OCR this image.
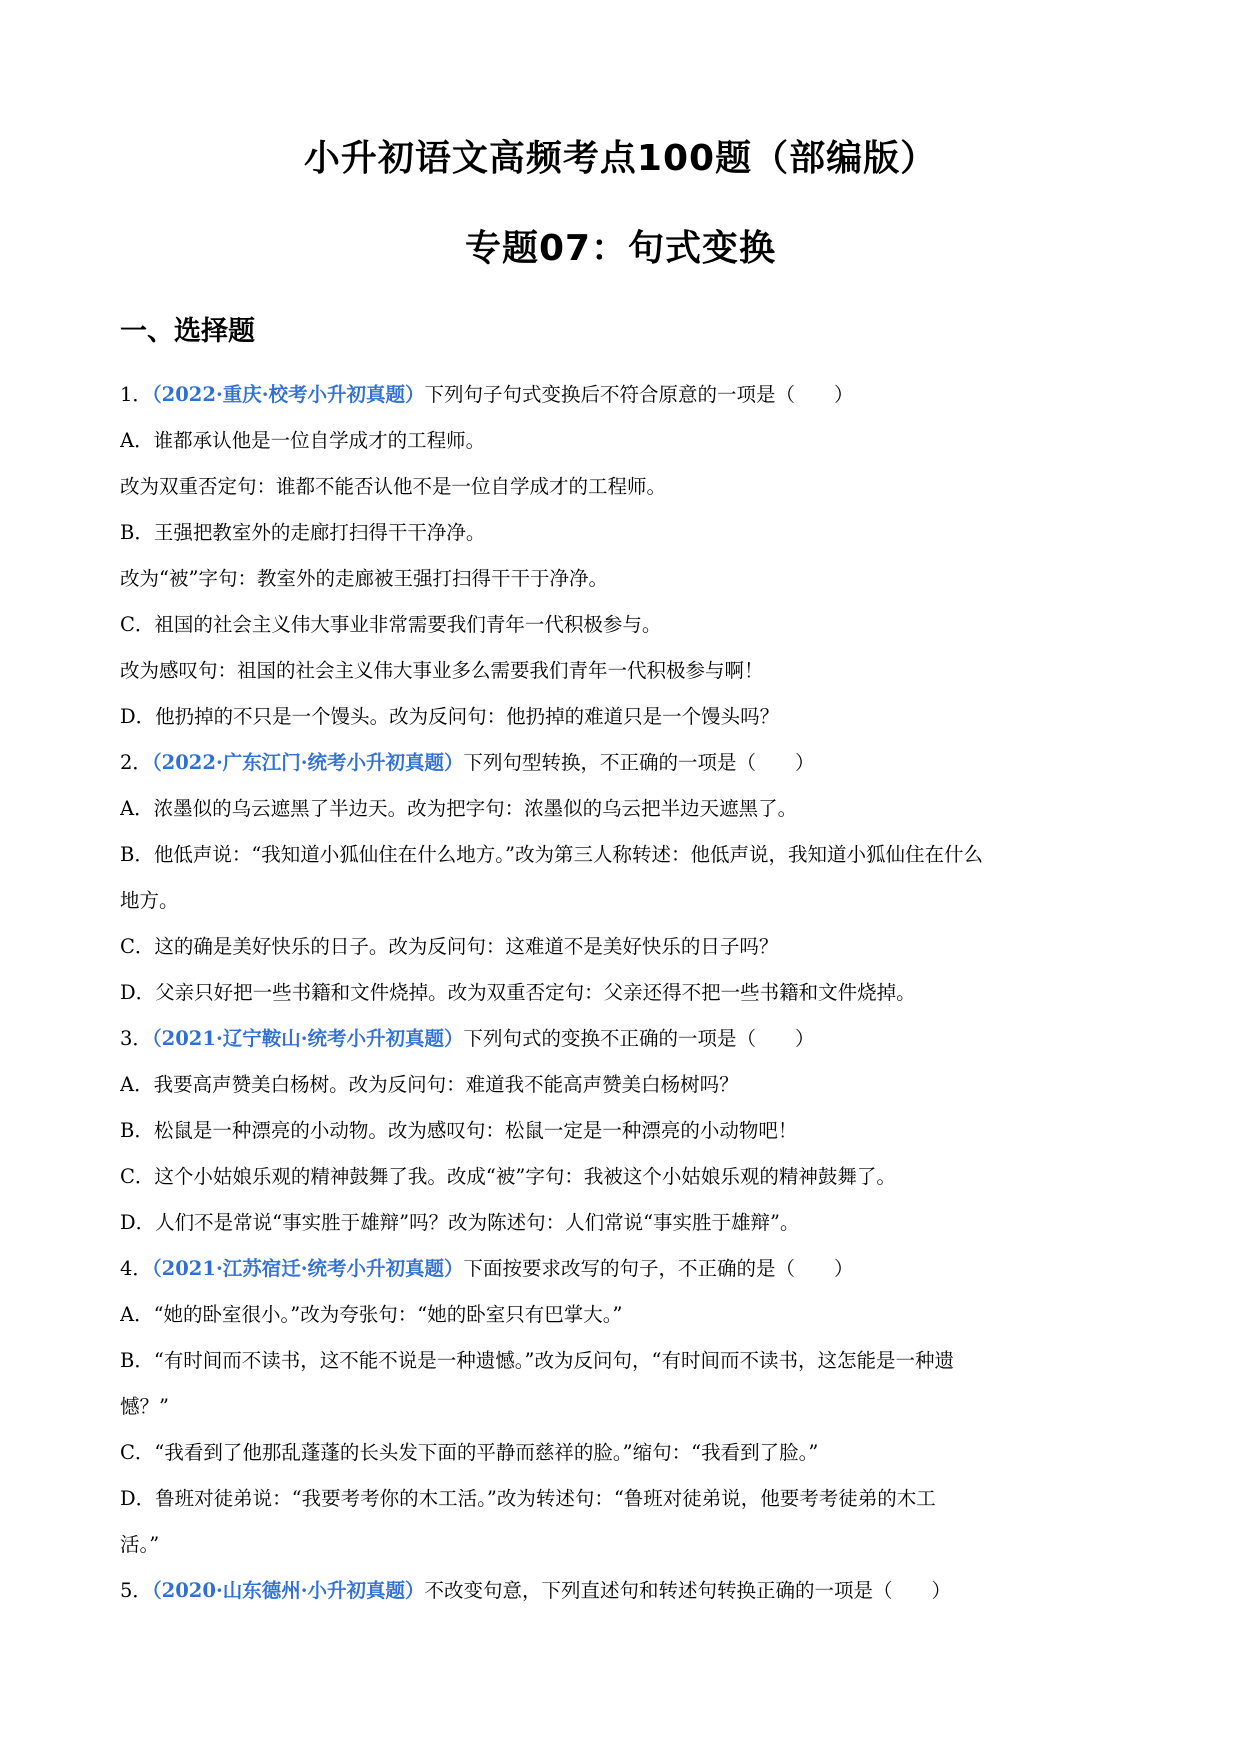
小升初语文高频考点100题（部编版）
专题07：句式变换
一、选择题
1．（2022·重庆·校考小升初真题）下列句子句式变换后不符合原意的一项是（　　）
A．谁都承认他是一位自学成才的工程师。
改为双重否定句：谁都不能否认他不是一位自学成才的工程师。
B．王强把教室外的走廊打扫得干干净净。
改为“被”字句：教室外的走廊被王强打扫得干干于净净。
C．祖国的社会主义伟大事业非常需要我们青年一代积极参与。
改为感叹句：祖国的社会主义伟大事业多么需要我们青年一代积极参与啊！
D．他扔掉的不只是一个馒头。改为反问句：他扔掉的难道只是一个馒头吗？
2．（2022·广东江门·统考小升初真题）下列句型转换，不正确的一项是（　　）
A．浓墨似的乌云遮黑了半边天。改为把字句：浓墨似的乌云把半边天遮黑了。
B．他低声说：“我知道小狐仙住在什么地方。”改为第三人称转述：他低声说，我知道小狐仙住在什么
地方。
C．这的确是美好快乐的日子。改为反问句：这难道不是美好快乐的日子吗？
D．父亲只好把一些书籍和文件烧掉。改为双重否定句：父亲还得不把一些书籍和文件烧掉。
3．（2021·辽宁鞍山·统考小升初真题）下列句式的变换不正确的一项是（　　）
A．我要高声赞美白杨树。改为反问句：难道我不能高声赞美白杨树吗？
B．松鼠是一种漂亮的小动物。改为感叹句：松鼠一定是一种漂亮的小动物吧！
C．这个小姑娘乐观的精神鼓舞了我。改成“被”字句：我被这个小姑娘乐观的精神鼓舞了。
D．人们不是常说“事实胜于雄辩”吗？改为陈述句：人们常说“事实胜于雄辩”。
4．（2021·江苏宿迁·统考小升初真题）下面按要求改写的句子，不正确的是（　　）
A．“她的卧室很小。”改为夸张句：“她的卧室只有巴掌大。”
B．“有时间而不读书，这不能不说是一种遗憾。”改为反问句，“有时间而不读书，这怎能是一种遗
憾？”
C．“我看到了他那乱蓬蓬的长头发下面的平静而慈祥的脸。”缩句：“我看到了脸。”
D．鲁班对徒弟说：“我要考考你的木工活。”改为转述句：“鲁班对徒弟说，他要考考徒弟的木工
活。”
5．（2020·山东德州·小升初真题）不改变句意，下列直述句和转述句转换正确的一项是（　　）
